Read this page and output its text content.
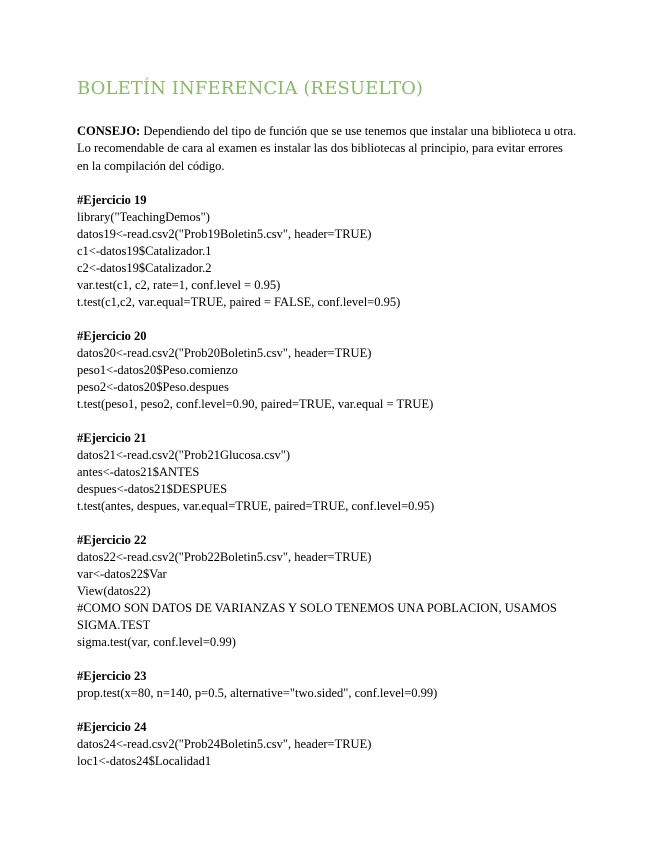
BOLETÍN INFERENCIA (RESUELTO)

CONSEJO: Dependiendo del tipo de función que se use tenemos que instalar una biblioteca u otra. Lo recomendable de cara al examen es instalar las dos bibliotecas al principio, para evitar errores en la compilación del código.

#Ejercicio 19
library("TeachingDemos")
datos19<-read.csv2("Prob19Boletin5.csv", header=TRUE)
c1<-datos19$Catalizador.1
c2<-datos19$Catalizador.2
var.test(c1, c2, rate=1, conf.level = 0.95)
t.test(c1,c2, var.equal=TRUE, paired = FALSE, conf.level=0.95)
#Ejercicio 20
datos20<-read.csv2("Prob20Boletin5.csv", header=TRUE)
peso1<-datos20$Peso.comienzo
peso2<-datos20$Peso.despues
t.test(peso1, peso2, conf.level=0.90, paired=TRUE, var.equal = TRUE)
#Ejercicio 21
datos21<-read.csv2("Prob21Glucosa.csv")
antes<-datos21$ANTES
despues<-datos21$DESPUES
t.test(antes, despues, var.equal=TRUE, paired=TRUE, conf.level=0.95)
#Ejercicio 22
datos22<-read.csv2("Prob22Boletin5.csv", header=TRUE)
var<-datos22$Var
View(datos22)
#COMO SON DATOS DE VARIANZAS Y SOLO TENEMOS UNA POBLACION, USAMOS SIGMA.TEST
sigma.test(var, conf.level=0.99)
#Ejercicio 23
prop.test(x=80, n=140, p=0.5, alternative="two.sided", conf.level=0.99)
#Ejercicio 24
datos24<-read.csv2("Prob24Boletin5.csv", header=TRUE)
loc1<-datos24$Localidad1
